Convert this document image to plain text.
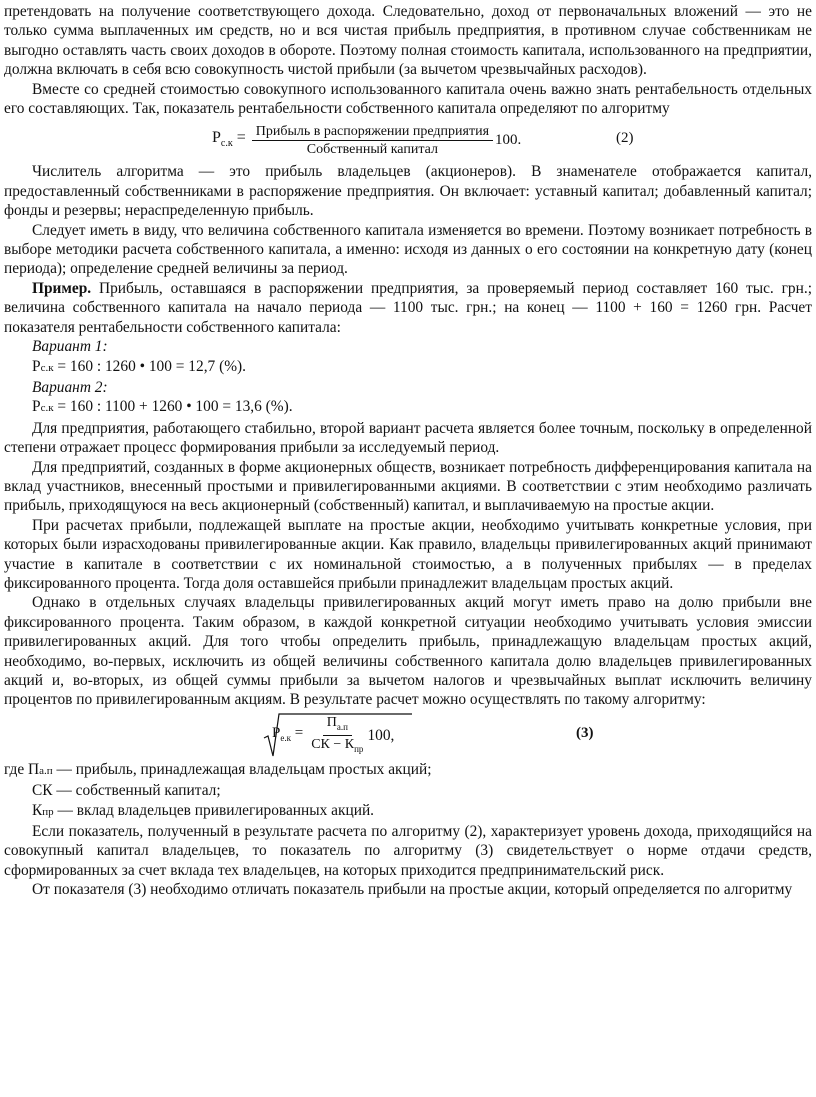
претендовать на получение соответствующего дохода. Следовательно, доход от первоначальных вложений — это не только сумма выплаченных им средств, но и вся чистая прибыль предприятия, в противном случае собственникам не выгодно оставлять часть своих доходов в обороте. Поэтому полная стоимость капитала, использованного на предприятии, должна включать в себя всю совокупность чистой прибыли (за вычетом чрезвычайных расходов).

Вместе со средней стоимостью совокупного использованного капитала очень важно знать рентабельность отдельных его составляющих. Так, показатель рентабельности собственного капитала определяют по алгоритму

$Р_{с.к} = \frac{\text{Прибыль в распоряжении предприятия}}{\text{Собственный капитал}} 100$.	(2)

Числитель алгоритма — это прибыль владельцев (акционеров). В знаменателе отображается капитал, предоставленный собственниками в распоряжение предприятия. Он включает: уставный капитал; добавленный капитал; фонды и резервы; нераспределенную прибыль.

Следует иметь в виду, что величина собственного капитала изменяется во времени. Поэтому возникает потребность в выборе методики расчета собственного капитала, а именно: исходя из данных о его состоянии на конкретную дату (конец периода); определение средней величины за период.

Пример. Прибыль, оставшаяся в распоряжении предприятия, за проверяемый период составляет 160 тыс. грн.; величина собственного капитала на начало периода — 1100 тыс. грн.; на конец — 1100 + 160 = 1260 грн. Расчет показателя рентабельности собственного капитала:

Вариант 1:
Рс.к = 160 : 1260 • 100 = 12,7 (%).
Вариант 2:
Рс.к = 160 : 1100 + 1260 • 100 = 13,6 (%).

Для предприятия, работающего стабильно, второй вариант расчета является более точным, поскольку в определенной степени отражает процесс формирования прибыли за исследуемый период.

Для предприятий, созданных в форме акционерных обществ, возникает потребность дифференцирования капитала на вклад участников, внесенный простыми и привилегированными акциями. В соответствии с этим необходимо различать прибыль, приходящуюся на весь акционерный (собственный) капитал, и выплачиваемую на простые акции.

При расчетах прибыли, подлежащей выплате на простые акции, необходимо учитывать конкретные условия, при которых были израсходованы привилегированные акции. Как правило, владельцы привилегированных акций принимают участие в капитале в соответствии с их номинальной стоимостью, а в полученных прибылях — в пределах фиксированного процента. Тогда доля оставшейся прибыли принадлежит владельцам простых акций.

Однако в отдельных случаях владельцы привилегированных акций могут иметь право на долю прибыли вне фиксированного процента. Таким образом, в каждой конкретной ситуации необходимо учитывать условия эмиссии привилегированных акций. Для того чтобы определить прибыль, принадлежащую владельцам простых акций, необходимо, во-первых, исключить из общей величины собственного капитала долю владельцев привилегированных акций и, во-вторых, из общей суммы прибыли за вычетом налогов и чрезвычайных выплат исключить величину процентов по привилегированным акциям. В результате расчет можно осуществлять по такому алгоритму:

$Р_{е.к} = \frac{П_{а.п}}{СК - К_{пр}} 100$,	(3)
где Па.п — прибыль, принадлежащая владельцам простых акций;
СК — собственный капитал;
Кпр — вклад владельцев привилегированных акций.

Если показатель, полученный в результате расчета по алгоритму (2), характеризует уровень дохода, приходящийся на совокупный капитал владельцев, то показатель по алгоритму (3) свидетельствует о норме отдачи средств, сформированных за счет вклада тех владельцев, на которых приходится предпринимательский риск.

От показателя (3) необходимо отличать показатель прибыли на простые акции, который определяется по алгоритму
